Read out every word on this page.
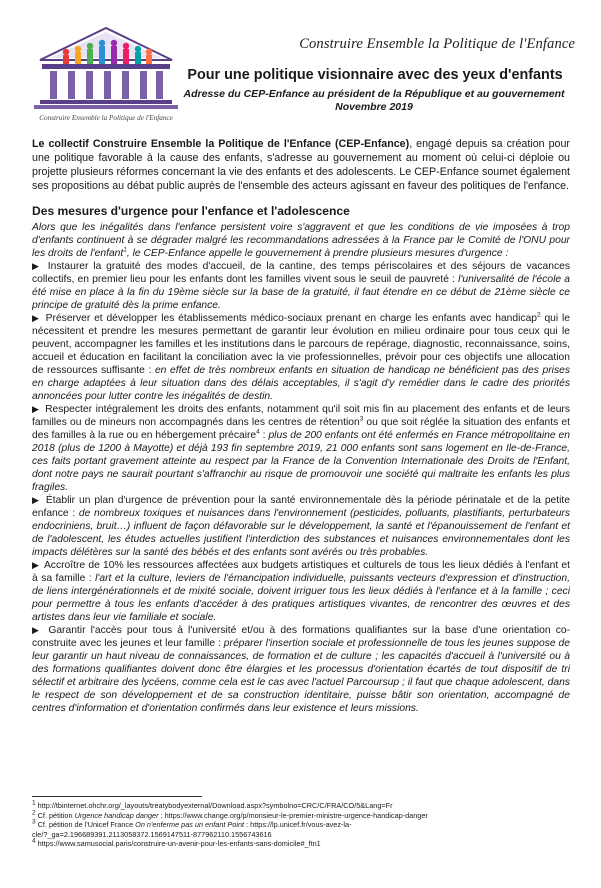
Construire Ensemble la Politique de l'Enfance
Construire Ensemble la Politique de l'Enfance
Pour une politique visionnaire avec des yeux d'enfants
Adresse du CEP-Enfance au président de la République et au gouvernement
Novembre 2019

Le collectif Construire Ensemble la Politique de l'Enfance (CEP-Enfance), engagé depuis sa création pour une politique favorable à la cause des enfants, s'adresse au gouvernement au moment où celui-ci déploie ou projette plusieurs réformes concernant la vie des enfants et des adolescents. Le CEP-Enfance soumet également ses propositions au débat public auprès de l'ensemble des acteurs agissant en faveur des politiques de l'enfance.

Des mesures d'urgence pour l'enfance et l'adolescence

Alors que les inégalités dans l'enfance persistent voire s'aggravent et que les conditions de vie imposées à trop d'enfants continuent à se dégrader malgré les recommandations adressées à la France par le Comité de l'ONU pour les droits de l'enfant$^1$, le CEP-Enfance appelle le gouvernement à prendre plusieurs mesures d'urgence :

▶ Instaurer la gratuité des modes d'accueil, de la cantine, des temps périscolaires et des séjours de vacances collectifs, en premier lieu pour les enfants dont les familles vivent sous le seuil de pauvreté : l'universalité de l'école a été mise en place à la fin du 19ème siècle sur la base de la gratuité, il faut étendre en ce début de 21ème siècle ce principe de gratuité dès la prime enfance.

▶ Préserver et développer les établissements médico-sociaux prenant en charge les enfants avec handicap$^2$ qui le nécessitent et prendre les mesures permettant de garantir leur évolution en milieu ordinaire pour tous ceux qui le peuvent, accompagner les familles et les institutions dans le parcours de repérage, diagnostic, reconnaissance, soins, accueil et éducation en facilitant la conciliation avec la vie professionnelles, prévoir pour ces objectifs une allocation de ressources suffisante : en effet de très nombreux enfants en situation de handicap ne bénéficient pas des prises en charge adaptées à leur situation dans des délais acceptables, il s'agit d'y remédier dans le cadre des priorités annoncées pour lutter contre les inégalités de destin.

▶ Respecter intégralement les droits des enfants, notamment qu'il soit mis fin au placement des enfants et de leurs familles ou de mineurs non accompagnés dans les centres de rétention$^3$ ou que soit réglée la situation des enfants et des familles à la rue ou en hébergement précaire$^4$ : plus de 200 enfants ont été enfermés en France métropolitaine en 2018 (plus de 1200 à Mayotte) et déjà 193 fin septembre 2019, 21 000 enfants sont sans logement en Ile-de-France, ces faits portant gravement atteinte au respect par la France de la Convention Internationale des Droits de l'Enfant, dont notre pays ne saurait pourtant s'affranchir au risque de promouvoir une société qui maltraite les enfants les plus fragiles.

▶ Établir un plan d'urgence de prévention pour la santé environnementale dès la période périnatale et de la petite enfance : de nombreux toxiques et nuisances dans l'environnement (pesticides, polluants, plastifiants, perturbateurs endocriniens, bruit…) influent de façon défavorable sur le développement, la santé et l'épanouissement de l'enfant et de l'adolescent, les études actuelles justifient l'interdiction des substances et nuisances environnementales dont les impacts délétères sur la santé des bébés et des enfants sont avérés ou très probables.

▶ Accroître de 10% les ressources affectées aux budgets artistiques et culturels de tous les lieux dédiés à l'enfant et à sa famille : l'art et la culture, leviers de l'émancipation individuelle, puissants vecteurs d'expression et d'instruction, de liens intergénérationnels et de mixité sociale, doivent irriguer tous les lieux dédiés à l'enfance et à la famille ; ceci pour permettre à tous les enfants d'accéder à des pratiques artistiques vivantes, de rencontrer des œuvres et des artistes dans leur vie familiale et sociale.

▶ Garantir l'accès pour tous à l'université et/ou à des formations qualifiantes sur la base d'une orientation co-construite avec les jeunes et leur famille : préparer l'insertion sociale et professionnelle de tous les jeunes suppose de leur garantir un haut niveau de connaissances, de formation et de culture ; les capacités d'accueil à l'université ou à des formations qualifiantes doivent donc être élargies et les processus d'orientation écartés de tout dispositif de tri sélectif et arbitraire des lycéens, comme cela est le cas avec l'actuel Parcoursup ; il faut que chaque adolescent, dans le respect de son développement et de sa construction identitaire, puisse bâtir son orientation, accompagné de centres d'information et d'orientation confirmés dans leur existence et leurs missions.

$^1$ http://tbinternet.ohchr.org/_layouts/treatybodyexternal/Download.aspx?symbolno=CRC/C/FRA/CO/5&Lang=Fr
$^2$ Cf. pétition Urgence handicap danger : https://www.change.org/p/monsieur-le-premier-ministre-urgence-handicap-danger
$^3$ Cf. pétition de l'Unicef France On n'enferme pas un enfant Point : https://lp.unicef.fr/vous-avez-la-
cle/?_ga=2.196689391.2113058372.1569147511-877962110.1556743616
$^4$ https://www.samusocial.paris/construire-un-avenir-pour-les-enfants-sans-domicile#_ftn1
